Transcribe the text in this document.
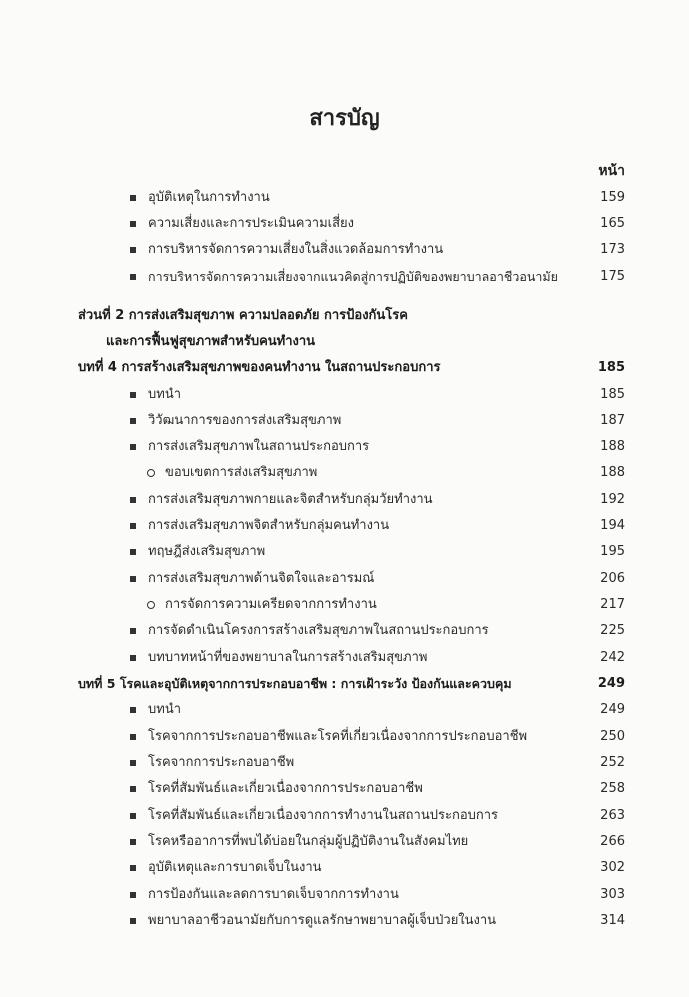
สารบัญ
หน้า
อุบัติเหตุในการทำงาน	159
ความเสี่ยงและการประเมินความเสี่ยง	165
การบริหารจัดการความเสี่ยงในสิ่งแวดล้อมการทำงาน	173
การบริหารจัดการความเสี่ยงจากแนวคิดสู่การปฏิบัติของพยาบาลอาชีวอนามัย	175
ส่วนที่ 2 การส่งเสริมสุขภาพ ความปลอดภัย การป้องกันโรค
และการฟื้นฟูสุขภาพสำหรับคนทำงาน
บทที่ 4 การสร้างเสริมสุขภาพของคนทำงาน ในสถานประกอบการ	185
บทนำ	185
วิวัฒนาการของการส่งเสริมสุขภาพ	187
การส่งเสริมสุขภาพในสถานประกอบการ	188
ขอบเขตการส่งเสริมสุขภาพ	188
การส่งเสริมสุขภาพกายและจิตสำหรับกลุ่มวัยทำงาน	192
การส่งเสริมสุขภาพจิตสำหรับกลุ่มคนทำงาน	194
ทฤษฎีส่งเสริมสุขภาพ	195
การส่งเสริมสุขภาพด้านจิตใจและอารมณ์	206
การจัดการความเครียดจากการทำงาน	217
การจัดดำเนินโครงการสร้างเสริมสุขภาพในสถานประกอบการ	225
บทบาทหน้าที่ของพยาบาลในการสร้างเสริมสุขภาพ	242
บทที่ 5 โรคและอุบัติเหตุจากการประกอบอาชีพ : การเฝ้าระวัง ป้องกันและควบคุม	249
บทนำ	249
โรคจากการประกอบอาชีพและโรคที่เกี่ยวเนื่องจากการประกอบอาชีพ	250
โรคจากการประกอบอาชีพ	252
โรคที่สัมพันธ์และเกี่ยวเนื่องจากการประกอบอาชีพ	258
โรคที่สัมพันธ์และเกี่ยวเนื่องจากการทำงานในสถานประกอบการ	263
โรคหรืออาการที่พบได้บ่อยในกลุ่มผู้ปฏิบัติงานในสังคมไทย	266
อุบัติเหตุและการบาดเจ็บในงาน	302
การป้องกันและลดการบาดเจ็บจากการทำงาน	303
พยาบาลอาชีวอนามัยกับการดูแลรักษาพยาบาลผู้เจ็บป่วยในงาน	314
